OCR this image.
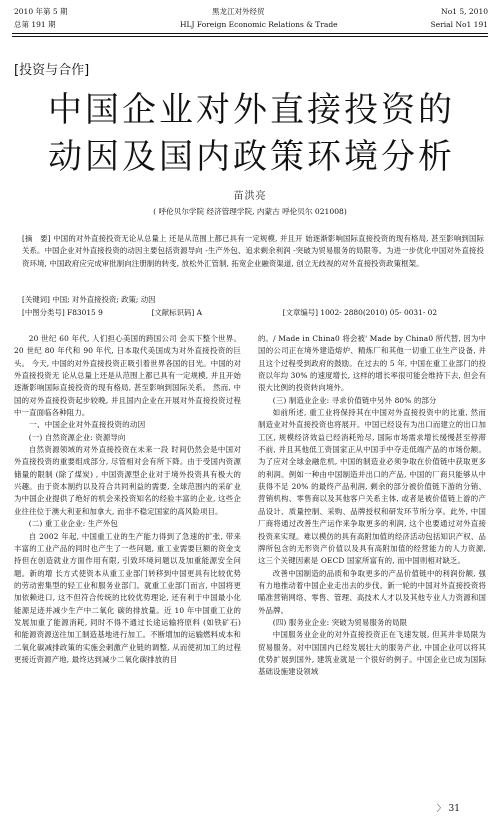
2010 年第 5 期
总第 191 期
黑龙江对外经贸
HLJ Foreign Economic Relations & Trade
No1 5, 2010
Serial No1 191
[投资与合作]
中国企业对外直接投资的
动因及国内政策环境分析
苗洪亮
( 呼伦贝尔学院 经济管理学院, 内蒙古 呼伦贝尔 021008)
[摘　要] 中国的对外直接投资无论从总量上 还是从范围上都已具有一定规模, 并且开 始逐渐影响国际直接投资的现有格局, 甚至影响到国际关系。中国企业对外直接投资的动因主要包括资源导向 -生产外包、追求剩余利润 -突破为贸易服务的局限等。为进一步优化中国对外直接投资环境, 中国政府应完成审批制向注册制的转变, 放松外汇管制, 拓宽企业融资渠道, 创立无歧视的对外直接投资政策框架。
[关键词] 中国; 对外直接投资; 政策; 动因
[中图分类号] F83015 9	[文献标识码] A	[文章编号] 1002- 2880(2010) 05- 0031- 02

20 世纪 60 年代, 人们担心美国的跨国公司 会买下整个世界。20 世纪 80 年代和 90 年代, 日本取代美国成为对外直接投资的巨头。 今天, 中国的对外直接投资正吸引着世界各国的目光。中国的对外直接投资无 论从总量上还是从范围上都已具有一定规模, 并且开始逐渐影响国际直接投资的现有格局, 甚至影响到国际关系。 然而, 中国的对外直接投资起步较晚, 并且国内企业在开展对外直接投资过程中一直面临各种阻力。

一、中国企业对外直接投资的动因

(一) 自然资源企业: 资源导向

自然资源领域的对外直接投资在未来一段 时间仍然会是中国对外直接投资的重要组成部分, 尽管相对会有所下降。由于受国内资源储量的限制 (除了煤炭) , 中国资源型企业对于境外投资具有极大的兴趣。由于资本制约以及符合共同利益的需要, 全球范围内的采矿业为中国企业提供了绝好的机会来投资知名的经验丰富的企业, 这些企业往往位于澳大利亚和加拿大, 而非不稳定国家的高风险项目。

(二) 重工业企业: 生产外包

自 2002 年起, 中国重工业的生产能力得到了急速的扩张, 带来丰富的工业产品的同时也产生了一些问题, 重工业需要巨额的资金支持但在创造就业方面作用有限, 引致环境问题以及加重能源安全问题。新的增 长方式使资本从重工业部门转移到中国更具有比较优势的劳动密集型的轻工业和服务业部门。就重工业部门而言, 中国将更加依赖进口, 这不但符合传统的比较优势理论, 还有利于中国最小化能源足迹并减少生产中二氧化 碳的排放量。近 10 年中国重工业的发展加重了能源消耗, 同时不得不通过长途运输将原料 (如铁矿石) 和能源资源送往加工制造基地进行加工。不断增加的运输燃料成本和 二氧化碳减排政策的实施会刺激产业链的调整, 从而使初加工的过程更接近资源产地, 最终达到减少二氧化碳排放的目

的。/ Made in China0 将会被' Made by China0 所代替, 因为中国的公司正在境外建造熔炉、精炼厂和其他一切重工业生产设备, 并且这个过程受到政府的鼓励。在过去的 5 年, 中国在重工业部门的投资以年均 30% 的速度增长, 这样的增长率很可能会维持下去, 但会有很大比例的投资转向境外。

(三) 制造业企业: 寻求价值链中另外 80% 的部分

如前所述, 重工业将保持其在中国对外直接投资中的比重, 然而制造业对外直接投资也将展开。中国已经设有为出口而建立的出口加工区, 规模经济效益已经消耗殆尽, 国际市场需求增长缓慢甚至停滞不前, 并且其他低工资国家正从中国手中夺走低端产品的市场份额。为了应对全球金融危机, 中国的制造业必须争取在价值链中获取更多的利润。例如一种由中国制造并出口的产品, 中国的厂商只能够从中获得不足 20% 的最终产品利润, 剩余的部分被价值链下游的分销、营销机构、零售商以及其他客户关系主体, 或者是被价值链上游的产品设计、质量控制、采购、品牌授权和研发环节所分享。此外, 中国厂商将通过改善生产运作来争取更多的利润, 这个也要通过对外直接投资来实现。难以模仿的具有高附加值的经济活动包括知识产权、品牌所包含的无形资产价值以及具有高附加值的经营能力的人力资源, 这三个关键因素是 OECD 国家所富有的, 而中国则相对缺乏。

改善中国制造的品质和争取更多的产品价值链中的利润份额, 强有力地推动着中国企业走出去的步伐。新一轮的中国对外直接投资将瞄准营销网络、零售、管理、高技术人才以及其他专业人力资源和国外品牌。

(四) 服务业企业: 突破为贸易服务的局限

中国服务业企业的对外直接投资正在飞速发展, 但其并非局限为贸易服务。对中国国内已经发展壮大的服务产业, 中国企业可以将其优势扩展到国外, 建筑业就是一个很好的例子。中国企业已成为国际基础设施建设领域

〉 31
